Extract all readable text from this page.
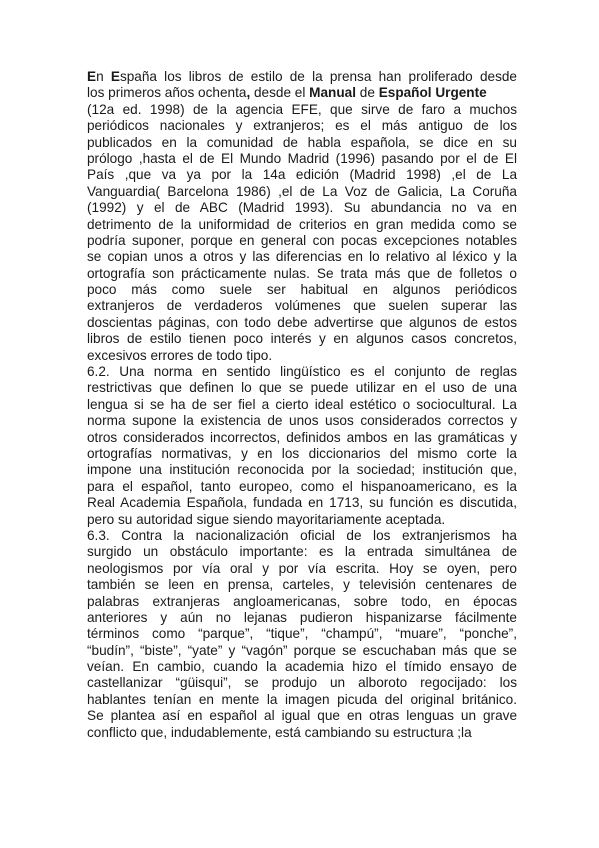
En España los libros de estilo de la prensa han proliferado desde
los primeros años ochenta, desde el Manual de Español Urgente
(12a ed. 1998) de la agencia EFE, que sirve de faro a muchos
periódicos nacionales y extranjeros; es el más antiguo de los
publicados en la comunidad de habla española, se dice en su
prólogo ,hasta el de El Mundo Madrid (1996) pasando por el de El
País ,que va ya por la 14a edición (Madrid 1998) ,el de La
Vanguardia( Barcelona 1986) ,el de La Voz de Galicia, La Coruña
(1992) y el de ABC (Madrid 1993). Su abundancia no va en
detrimento de la uniformidad de criterios en gran medida como se
podría suponer, porque en general con pocas excepciones notables
se copian unos a otros y las diferencias en lo relativo al léxico y la
ortografía son prácticamente nulas. Se trata más que de folletos o
poco más como suele ser habitual en algunos periódicos
extranjeros de verdaderos volúmenes que suelen superar las
doscientas páginas, con todo debe advertirse que algunos de estos
libros de estilo tienen poco interés y en algunos casos concretos,
excesivos errores de todo tipo.
6.2. Una norma en sentido lingüístico es el conjunto de reglas
restrictivas que definen lo que se puede utilizar en el uso de una
lengua si se ha de ser fiel a cierto ideal estético o sociocultural. La
norma supone la existencia de unos usos considerados correctos y
otros considerados incorrectos, definidos ambos en las gramáticas y
ortografías normativas, y en los diccionarios del mismo corte la
impone una institución reconocida por la sociedad; institución que,
para el español, tanto europeo, como el hispanoamericano, es la
Real Academia Española, fundada en 1713, su función es discutida,
pero su autoridad sigue siendo mayoritariamente aceptada.
6.3. Contra la nacionalización oficial de los extranjerismos ha
surgido un obstáculo importante: es la entrada simultánea de
neologismos por vía oral y por vía escrita. Hoy se oyen, pero
también se leen en prensa, carteles, y televisión centenares de
palabras extranjeras angloamericanas, sobre todo, en épocas
anteriores y aún no lejanas pudieron hispanizarse fácilmente
términos como “parque”, “tique”, “champú”, “muare”, “ponche”,
“budín”, “biste”, “yate” y “vagón” porque se escuchaban más que se
veían. En cambio, cuando la academia hizo el tímido ensayo de
castellanizar “güisqui”, se produjo un alboroto regocijado: los
hablantes tenían en mente la imagen picuda del original británico.
Se plantea así en español al igual que en otras lenguas un grave
conflicto que, indudablemente, está cambiando su estructura ;la
